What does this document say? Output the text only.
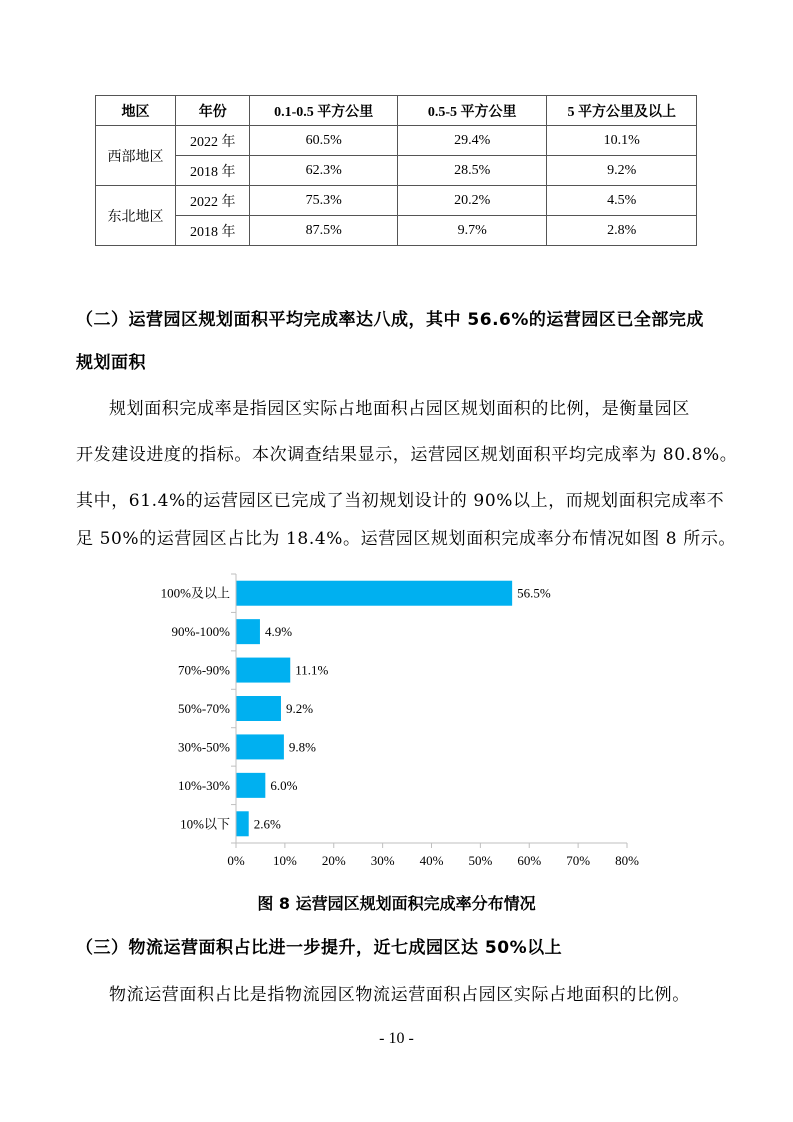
地区	年份	0.1-0.5 平方公里	0.5-5 平方公里	5 平方公里及以上
西部地区	2022 年	60.5%	29.4%	10.1%
	2018 年	62.3%	28.5%	9.2%
东北地区	2022 年	75.3%	20.2%	4.5%
	2018 年	87.5%	9.7%	2.8%
（二）运营园区规划面积平均完成率达八成，其中 56.6%的运营园区已全部完成
规划面积
规划面积完成率是指园区实际占地面积占园区规划面积的比例，是衡量园区
开发建设进度的指标。本次调查结果显示，运营园区规划面积平均完成率为 80.8%。
其中，61.4%的运营园区已完成了当初规划设计的 90%以上，而规划面积完成率不
足 50%的运营园区占比为 18.4%。运营园区规划面积完成率分布情况如图 8 所示。
100%及以上	56.5%
90%-100%	4.9%
70%-90%	11.1%
50%-70%	9.2%
30%-50%	9.8%
10%-30%	6.0%
10%以下 2.6%
0% 10% 20% 30% 40% 50% 60% 70% 80%
图 8 运营园区规划面积完成率分布情况
（三）物流运营面积占比进一步提升，近七成园区达 50%以上
物流运营面积占比是指物流园区物流运营面积占园区实际占地面积的比例。
- 10 -
